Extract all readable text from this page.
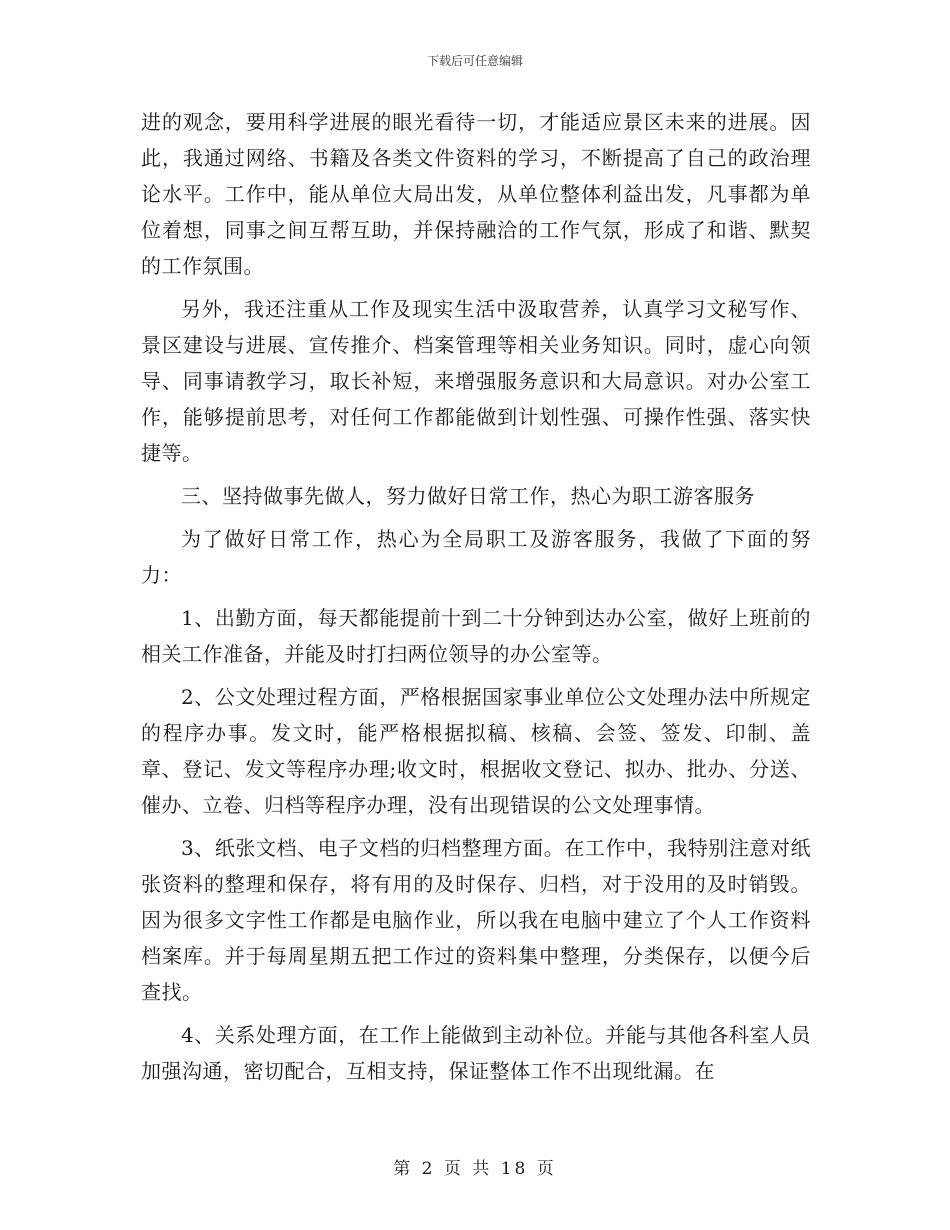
下载后可任意编辑

进的观念，要用科学进展的眼光看待一切，才能适应景区未来的进展。因此，我通过网络、书籍及各类文件资料的学习，不断提高了自己的政治理论水平。工作中，能从单位大局出发，从单位整体利益出发，凡事都为单位着想，同事之间互帮互助，并保持融洽的工作气氛，形成了和谐、默契的工作氛围。

另外，我还注重从工作及现实生活中汲取营养，认真学习文秘写作、景区建设与进展、宣传推介、档案管理等相关业务知识。同时，虚心向领导、同事请教学习，取长补短，来增强服务意识和大局意识。对办公室工作，能够提前思考，对任何工作都能做到计划性强、可操作性强、落实快捷等。

三、坚持做事先做人，努力做好日常工作，热心为职工游客服务

为了做好日常工作，热心为全局职工及游客服务，我做了下面的努力：

1、出勤方面，每天都能提前十到二十分钟到达办公室，做好上班前的相关工作准备，并能及时打扫两位领导的办公室等。

2、公文处理过程方面，严格根据国家事业单位公文处理办法中所规定的程序办事。发文时，能严格根据拟稿、核稿、会签、签发、印制、盖章、登记、发文等程序办理;收文时，根据收文登记、拟办、批办、分送、催办、立卷、归档等程序办理，没有出现错误的公文处理事情。

3、纸张文档、电子文档的归档整理方面。在工作中，我特别注意对纸张资料的整理和保存，将有用的及时保存、归档，对于没用的及时销毁。因为很多文字性工作都是电脑作业，所以我在电脑中建立了个人工作资料档案库。并于每周星期五把工作过的资料集中整理，分类保存，以便今后查找。

4、关系处理方面，在工作上能做到主动补位。并能与其他各科室人员加强沟通，密切配合，互相支持，保证整体工作不出现纰漏。在

第 2 页 共 18 页
